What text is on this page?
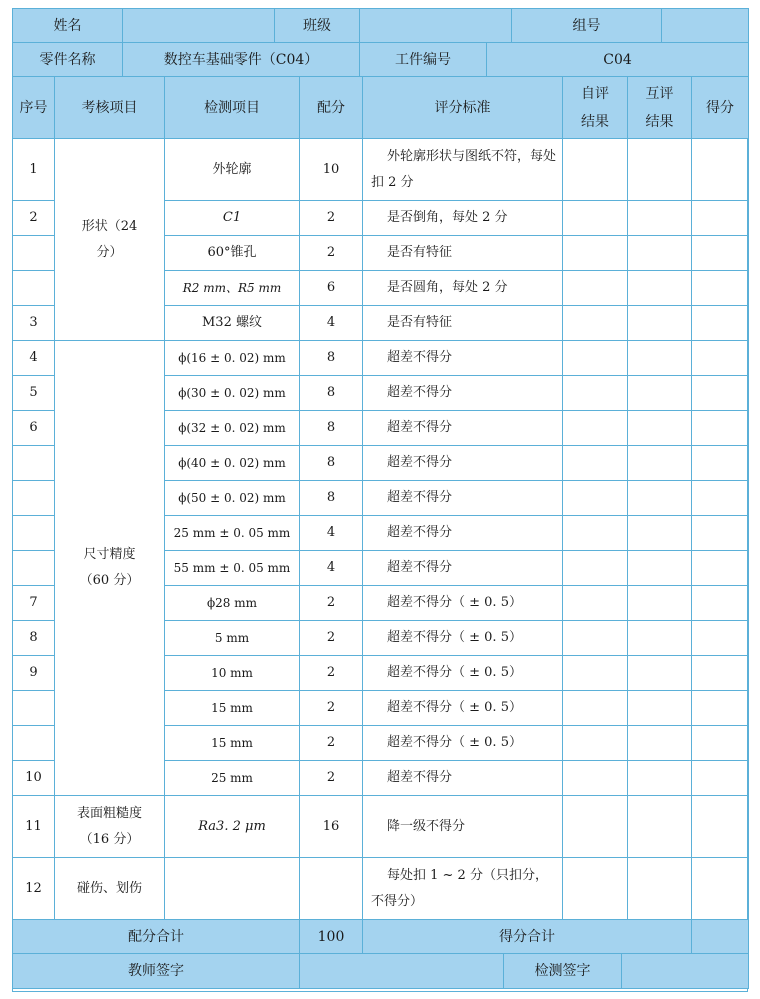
姓名		班级		组号	
零件名称	数控车基础零件（C04）	工件编号	C04
序号	考核项目	检测项目	配分	评分标准	自评结果	互评结果	得分
1	形状（24 分）	外轮廓	10	外轮廓形状与图纸不符，每处扣 2 分			
2		C1	2	是否倒角，每处 2 分			
		60°锥孔	2	是否有特征			
		R2 mm、R5 mm	6	是否圆角，每处 2 分			
3		M32 螺纹	4	是否有特征			
4	尺寸精度（60 分）	ϕ(16 ± 0. 02) mm	8	超差不得分			
5		ϕ(30 ± 0. 02) mm	8	超差不得分			
6		ϕ(32 ± 0. 02) mm	8	超差不得分			
		ϕ(40 ± 0. 02) mm	8	超差不得分			
		ϕ(50 ± 0. 02) mm	8	超差不得分			
		25 mm ± 0. 05 mm	4	超差不得分			
		55 mm ± 0. 05 mm	4	超差不得分			
7		ϕ28 mm	2	超差不得分（ ± 0. 5）			
8		5 mm	2	超差不得分（ ± 0. 5）			
9		10 mm	2	超差不得分（ ± 0. 5）			
		15 mm	2	超差不得分（ ± 0. 5）			
		15 mm	2	超差不得分（ ± 0. 5）			
10		25 mm	2	超差不得分			
11	表面粗糙度（16 分）	Ra3. 2 μm	16	降一级不得分			
12	碰伤、划伤			每处扣 1 ~ 2 分（只扣分，不得分）			
配分合计			100	得分合计			
教师签字		检测签字	
